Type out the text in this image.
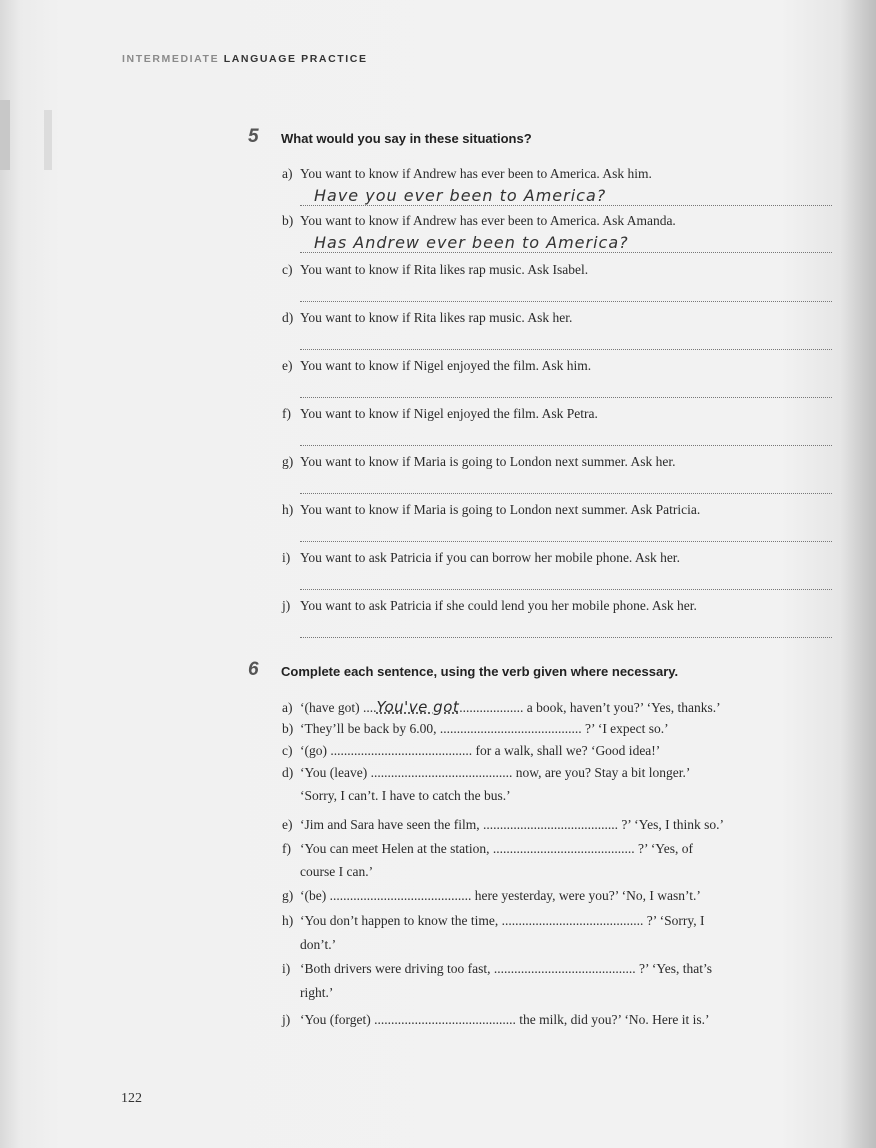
INTERMEDIATE LANGUAGE PRACTICE
5 What would you say in these situations?
a) You want to know if Andrew has ever been to America. Ask him.
Have you ever been to America?
b) You want to know if Andrew has ever been to America. Ask Amanda.
Has Andrew ever been to America?
c) You want to know if Rita likes rap music. Ask Isabel.
d) You want to know if Rita likes rap music. Ask her.
e) You want to know if Nigel enjoyed the film. Ask him.
f) You want to know if Nigel enjoyed the film. Ask Petra.
g) You want to know if Maria is going to London next summer. Ask her.
h) You want to know if Maria is going to London next summer. Ask Patricia.
i) You want to ask Patricia if you can borrow her mobile phone. Ask her.
j) You want to ask Patricia if she could lend you her mobile phone. Ask her.
6 Complete each sentence, using the verb given where necessary.
a) ‘(have got) ....You've got................... a book, haven’t you?’ ‘Yes, thanks.’
b) ‘They’ll be back by 6.00, .......................................... ?’ ‘I expect so.’
c) ‘(go) .......................................... for a walk, shall we? ‘Good idea!’
d) ‘You (leave) .......................................... now, are you? Stay a bit longer.’
‘Sorry, I can’t. I have to catch the bus.’
e) ‘Jim and Sara have seen the film, ........................................ ?’ ‘Yes, I think so.’
f) ‘You can meet Helen at the station, .......................................... ?’ ‘Yes, of
course I can.’
g) ‘(be) .......................................... here yesterday, were you?’ ‘No, I wasn’t.’
h) ‘You don’t happen to know the time, .......................................... ?’ ‘Sorry, I
don’t.’
i) ‘Both drivers were driving too fast, .......................................... ?’ ‘Yes, that’s
right.’
j) ‘You (forget) .......................................... the milk, did you?’ ‘No. Here it is.’
122
